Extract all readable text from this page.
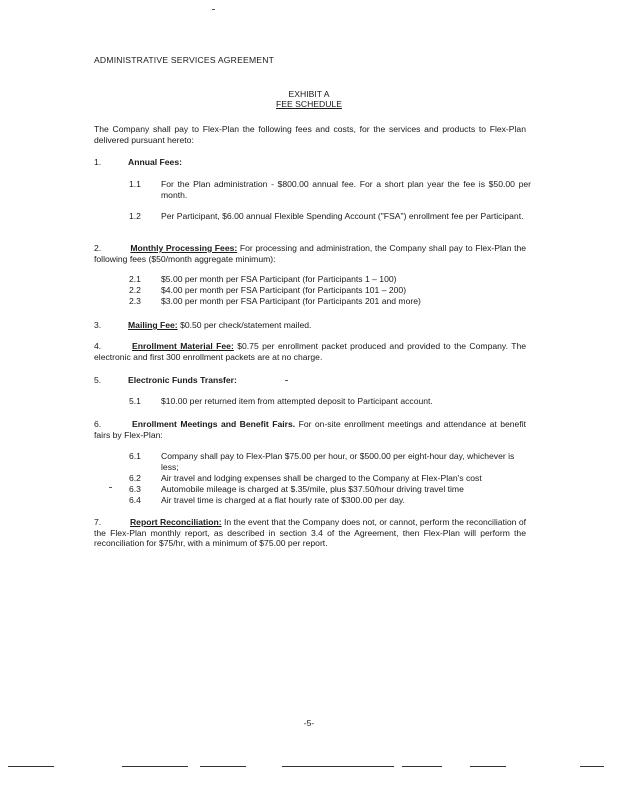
ADMINISTRATIVE SERVICES AGREEMENT
EXHIBIT A
FEE SCHEDULE
The Company shall pay to Flex-Plan the following fees and costs, for the services and products to Flex-Plan delivered pursuant hereto:
1.	Annual Fees:
1.1 For the Plan administration - $800.00 annual fee. For a short plan year the fee is $50.00 per month.
1.2 Per Participant, $6.00 annual Flexible Spending Account ("FSA") enrollment fee per Participant.
2.	Monthly Processing Fees: For processing and administration, the Company shall pay to Flex-Plan the following fees ($50/month aggregate minimum):
2.1 $5.00 per month per FSA Participant (for Participants 1 – 100)
2.2 $4.00 per month per FSA Participant (for Participants 101 – 200)
2.3 $3.00 per month per FSA Participant (for Participants 201 and more)
3.	Mailing Fee: $0.50 per check/statement mailed.
4.	Enrollment Material Fee: $0.75 per enrollment packet produced and provided to the Company. The electronic and first 300 enrollment packets are at no charge.
5.	Electronic Funds Transfer:
5.1 $10.00 per returned item from attempted deposit to Participant account.
6.	Enrollment Meetings and Benefit Fairs. For on-site enrollment meetings and attendance at benefit fairs by Flex-Plan:
6.1 Company shall pay to Flex-Plan $75.00 per hour, or $500.00 per eight-hour day, whichever is less;
6.2 Air travel and lodging expenses shall be charged to the Company at Flex-Plan's cost
6.3 Automobile mileage is charged at $.35/mile, plus $37.50/hour driving travel time
6.4 Air travel time is charged at a flat hourly rate of $300.00 per day.
7.	Report Reconciliation: In the event that the Company does not, or cannot, perform the reconciliation of the Flex-Plan monthly report, as described in section 3.4 of the Agreement, then Flex-Plan will perform the reconciliation for $75/hr, with a minimum of $75.00 per report.
-5-
